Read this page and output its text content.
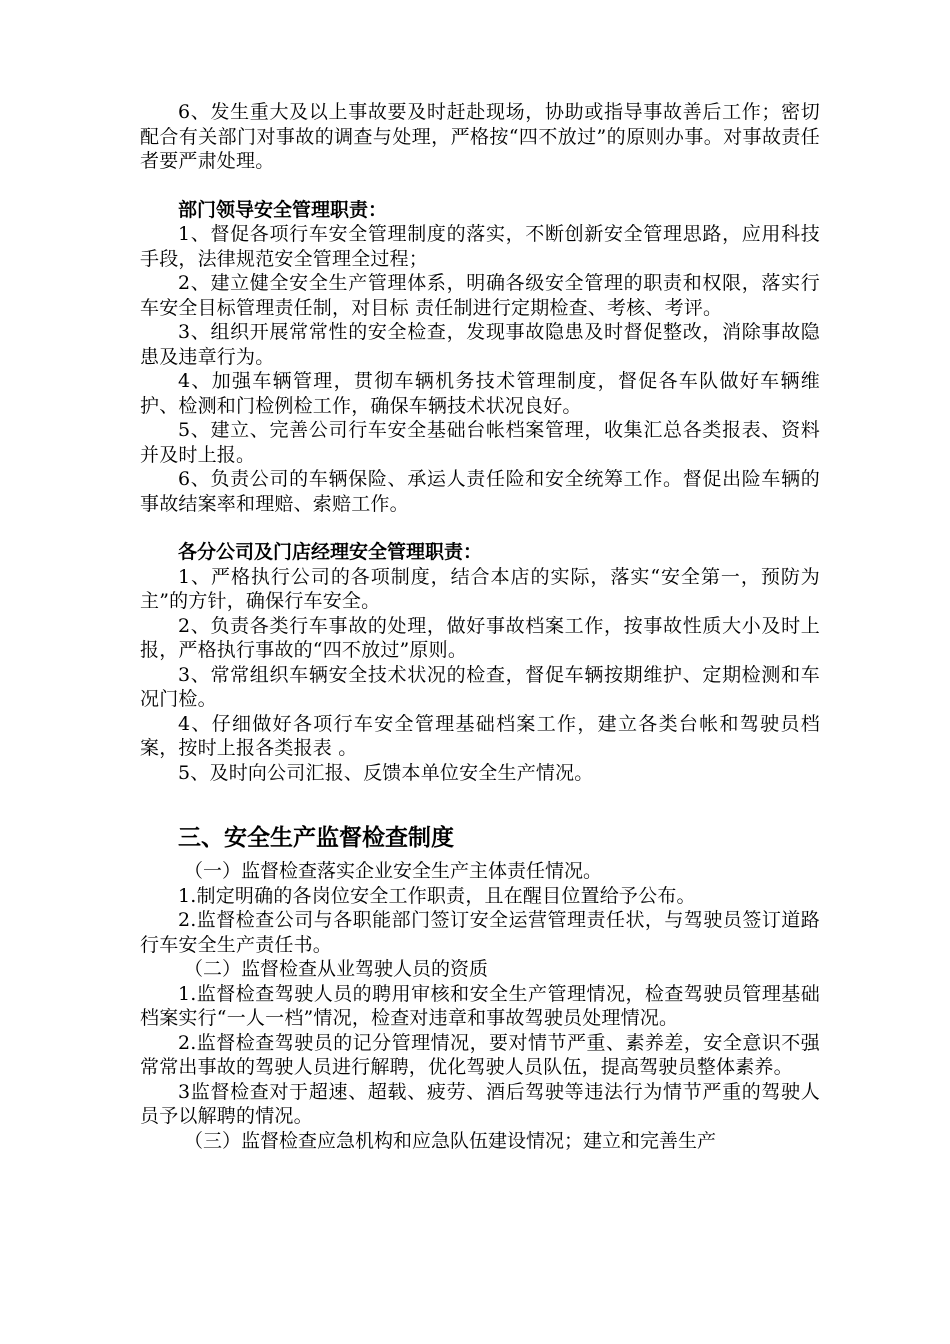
6、发生重大及以上事故要及时赶赴现场，协助或指导事故善后工作；密切配合有关部门对事故的调查与处理，严格按“四不放过”的原则办事。对事故责任者要严肃处理。

部门领导安全管理职责：

1、督促各项行车安全管理制度的落实，不断创新安全管理思路，应用科技手段，法律规范安全管理全过程；

2、建立健全安全生产管理体系，明确各级安全管理的职责和权限，落实行车安全目标管理责任制，对目标 责任制进行定期检查、考核、考评。

3、组织开展常常性的安全检查，发现事故隐患及时督促整改，消除事故隐患及违章行为。

4、加强车辆管理，贯彻车辆机务技术管理制度，督促各车队做好车辆维护、检测和门检例检工作，确保车辆技术状况良好。

5、建立、完善公司行车安全基础台帐档案管理，收集汇总各类报表、资料并及时上报。

6、负责公司的车辆保险、承运人责任险和安全统筹工作。督促出险车辆的事故结案率和理赔、索赔工作。

各分公司及门店经理安全管理职责：

1、严格执行公司的各项制度，结合本店的实际，落实“安全第一，预防为主”的方针，确保行车安全。

2、负责各类行车事故的处理，做好事故档案工作，按事故性质大小及时上报，严格执行事故的“四不放过”原则。

3、常常组织车辆安全技术状况的检查，督促车辆按期维护、定期检测和车况门检。

4、仔细做好各项行车安全管理基础档案工作，建立各类台帐和驾驶员档案，按时上报各类报表 。

5、及时向公司汇报、反馈本单位安全生产情况。

三、安全生产监督检查制度

（一）监督检查落实企业安全生产主体责任情况。

1.制定明确的各岗位安全工作职责，且在醒目位置给予公布。

2.监督检查公司与各职能部门签订安全运营管理责任状，与驾驶员签订道路行车安全生产责任书。

（二）监督检查从业驾驶人员的资质

1.监督检查驾驶人员的聘用审核和安全生产管理情况，检查驾驶员管理基础档案实行“一人一档”情况，检查对违章和事故驾驶员处理情况。

2.监督检查驾驶员的记分管理情况，要对情节严重、素养差，安全意识不强常常出事故的驾驶人员进行解聘，优化驾驶人员队伍，提高驾驶员整体素养。

3监督检查对于超速、超载、疲劳、酒后驾驶等违法行为情节严重的驾驶人员予以解聘的情况。

（三）监督检查应急机构和应急队伍建设情况；建立和完善生产
